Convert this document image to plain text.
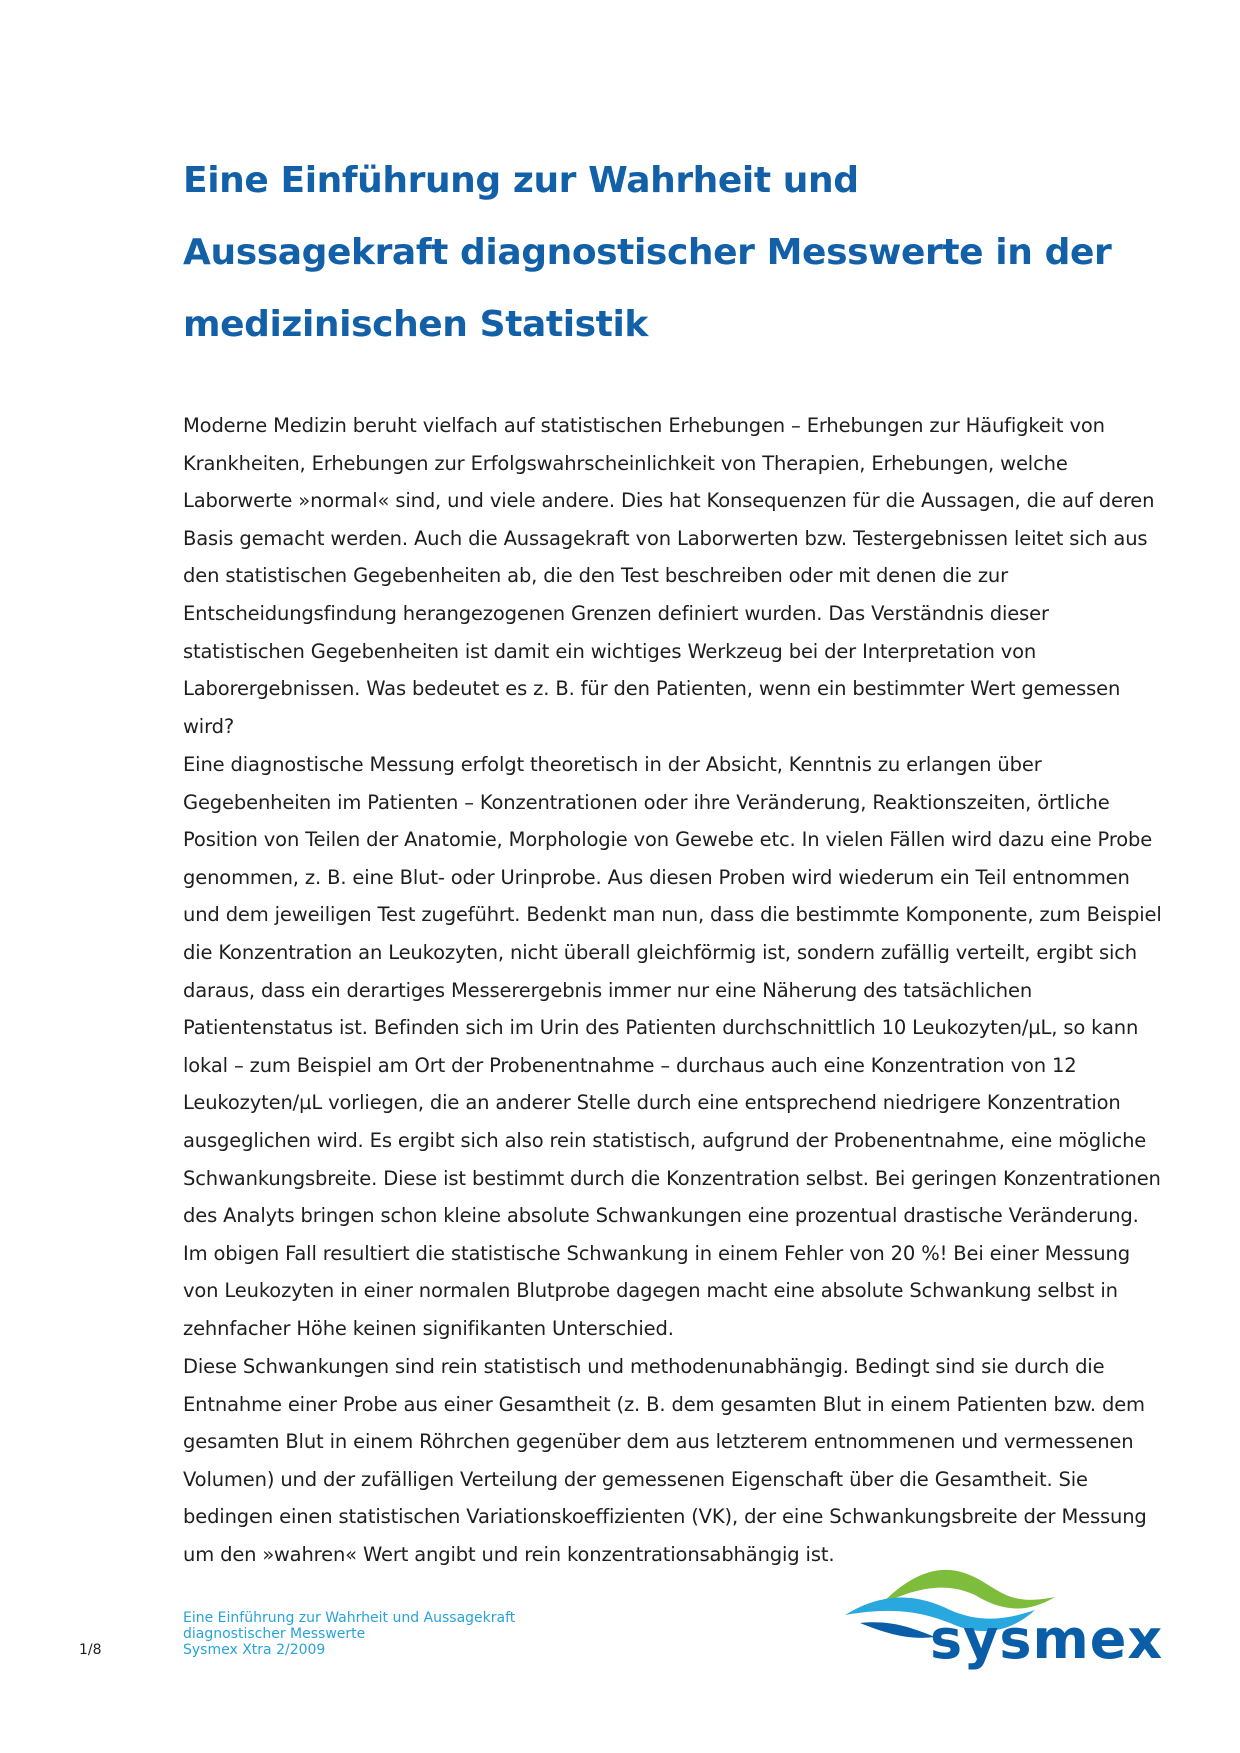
Eine Einführung zur Wahrheit und Aussagekraft diagnostischer Messwerte in der medizinischen Statistik

Moderne Medizin beruht vielfach auf statistischen Erhebungen – Erhebungen zur Häufigkeit von Krankheiten, Erhebungen zur Erfolgswahrscheinlichkeit von Therapien, Erhebungen, welche Laborwerte »normal« sind, und viele andere. Dies hat Konsequenzen für die Aussagen, die auf deren Basis gemacht werden. Auch die Aussagekraft von Laborwerten bzw. Testergebnissen leitet sich aus den statistischen Gegebenheiten ab, die den Test beschreiben oder mit denen die zur Entscheidungsfindung herangezogenen Grenzen definiert wurden. Das Verständnis dieser statistischen Gegebenheiten ist damit ein wichtiges Werkzeug bei der Interpretation von Laborergebnissen. Was bedeutet es z. B. für den Patienten, wenn ein bestimmter Wert gemessen wird?

Eine diagnostische Messung erfolgt theoretisch in der Absicht, Kenntnis zu erlangen über Gegebenheiten im Patienten – Konzentrationen oder ihre Veränderung, Reaktionszeiten, örtliche Position von Teilen der Anatomie, Morphologie von Gewebe etc. In vielen Fällen wird dazu eine Probe genommen, z. B. eine Blut- oder Urinprobe. Aus diesen Proben wird wiederum ein Teil entnommen und dem jeweiligen Test zugeführt. Bedenkt man nun, dass die bestimmte Komponente, zum Beispiel die Konzentration an Leukozyten, nicht überall gleichförmig ist, sondern zufällig verteilt, ergibt sich daraus, dass ein derartiges Messerergebnis immer nur eine Näherung des tatsächlichen Patientenstatus ist. Befinden sich im Urin des Patienten durchschnittlich 10 Leukozyten/µL, so kann lokal – zum Beispiel am Ort der Probenentnahme – durchaus auch eine Konzentration von 12 Leukozyten/µL vorliegen, die an anderer Stelle durch eine entsprechend niedrigere Konzentration ausgeglichen wird. Es ergibt sich also rein statistisch, aufgrund der Probenentnahme, eine mögliche Schwankungsbreite. Diese ist bestimmt durch die Konzentration selbst. Bei geringen Konzentrationen des Analyts bringen schon kleine absolute Schwankungen eine prozentual drastische Veränderung. Im obigen Fall resultiert die statistische Schwankung in einem Fehler von 20 %! Bei einer Messung von Leukozyten in einer normalen Blutprobe dagegen macht eine absolute Schwankung selbst in zehnfacher Höhe keinen signifikanten Unterschied.

Diese Schwankungen sind rein statistisch und methodenunabhängig. Bedingt sind sie durch die Entnahme einer Probe aus einer Gesamtheit (z. B. dem gesamten Blut in einem Patienten bzw. dem gesamten Blut in einem Röhrchen gegenüber dem aus letzterem entnommenen und vermessenen Volumen) und der zufälligen Verteilung der gemessenen Eigenschaft über die Gesamtheit. Sie bedingen einen statistischen Variationskoeffizienten (VK), der eine Schwankungsbreite der Messung um den »wahren« Wert angibt und rein konzentrationsabhängig ist.

1/8
Eine Einführung zur Wahrheit und Aussagekraft
diagnostischer Messwerte
Sysmex Xtra 2/2009	sysmex
